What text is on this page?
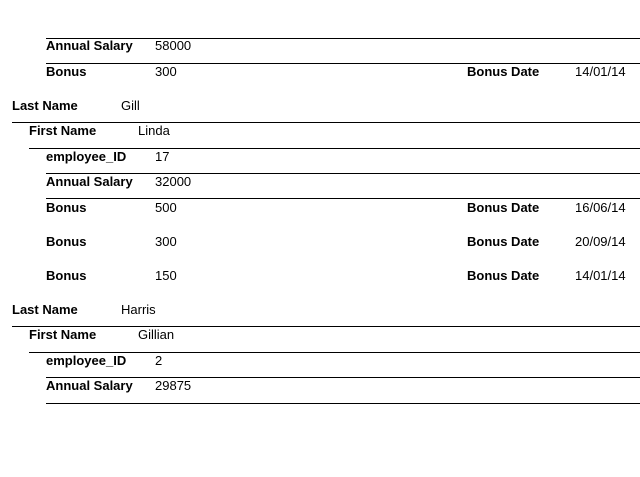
Annual Salary 58000
Bonus	300	Bonus Date	14/01/14
Last Name	Gill
First Name	Linda
employee_ID 17
Annual Salary 32000
Bonus	500	Bonus Date	16/06/14
Bonus	300	Bonus Date	20/09/14
Bonus	150	Bonus Date	14/01/14
Last Name	Harris
First Name	Gillian
employee_ID 2
Annual Salary 29875
